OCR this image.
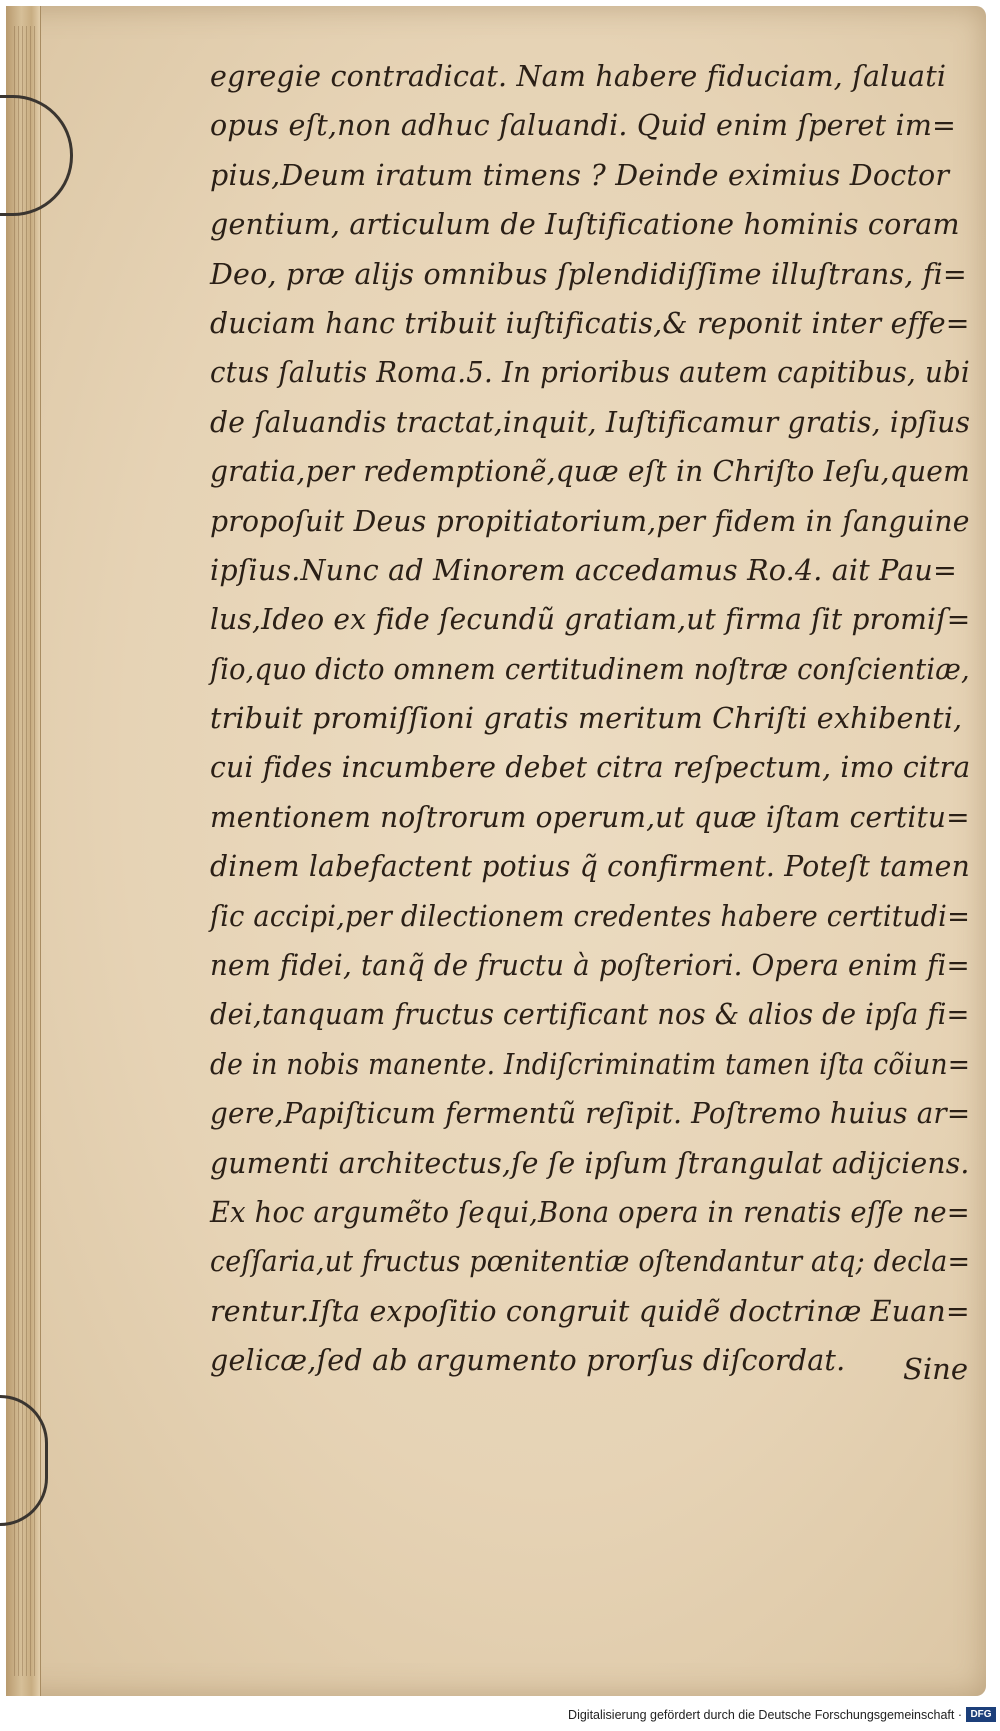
egregie contradicat. Nam habere fiduciam, ſaluati
opus eſt,non adhuc ſaluandi. Quid enim ſperet im=
pius,Deum iratum timens ? Deinde eximius Doctor
gentium, articulum de Iuſtificatione hominis coram
Deo, præ alijs omnibus ſplendidiſſime illuſtrans, fi=
duciam hanc tribuit iuſtificatis,& reponit inter effe=
ctus ſalutis Roma.5. In prioribus autem capitibus, ubi
de ſaluandis tractat,inquit, Iuſtificamur gratis, ipſius
gratia,per redemptionẽ,quæ eſt in Chriſto Ieſu,quem
propoſuit Deus propitiatorium,per fidem in ſanguine
ipſius.Nunc ad Minorem accedamus Ro.4. ait Pau=
lus,Ideo ex fide ſecundũ gratiam,ut firma ſit promiſ=
ſio,quo dicto omnem certitudinem noſtræ conſcientiæ,
tribuit promiſſioni gratis meritum Chriſti exhibenti,
cui fides incumbere debet citra reſpectum, imo citra
mentionem noſtrorum operum,ut quæ iſtam certitu=
dinem labefactent potius q̃ confirment. Poteſt tamen
ſic accipi,per dilectionem credentes habere certitudi=
nem fidei, tanq̃ de fructu à poſteriori. Opera enim fi=
dei,tanquam fructus certificant nos & alios de ipſa fi=
de in nobis manente. Indiſcriminatim tamen iſta cõiun=
gere,Papiſticum fermentũ reſipit. Poſtremo huius ar=
gumenti architectus,ſe ſe ipſum ſtrangulat adijciens.
Ex hoc argumẽto ſequi,Bona opera in renatis eſſe ne=
ceſſaria,ut fructus pœnitentiæ oſtendantur atq; decla=
rentur.Iſta expoſitio congruit quidẽ doctrinæ Euan=
gelicæ,ſed ab argumento prorſus diſcordat.	Sine
Digitalisierung gefördert durch die Deutsche Forschungsgemeinschaft · DFG
